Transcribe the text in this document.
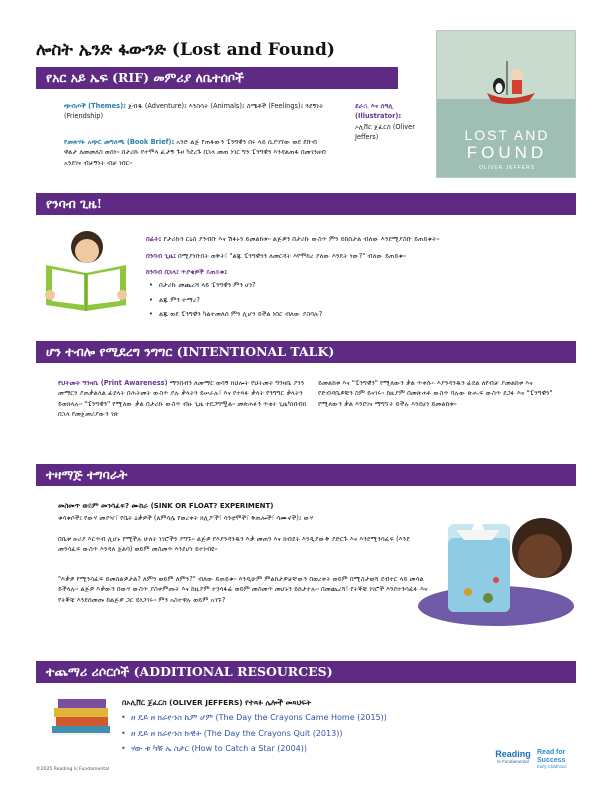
ሎስት ኤንድ ፋውንድ (Lost and Found)
የአር አይ ኤፍ (RIF) መምሪያ ለቤተሰቦች
LOST AND
FOUND
OLIVER JEFFERS
ጭብጦች (Themes)፤ ጀብዱ (Adventure)፤ እንስሳት (Animals)፤ ስሜቶች (Feelings)፤ ጓደኝነት (Friendship)
የመጽሃፉ አጭር መግለጫ (Book Brief)፤ አንድ ልጅ የጠፋውን ፔንግዊን በሩ ላይ ሲያገኘው ወደ ደቡብ ዋልታ ለመመለስ ወሰነ። በታሪኩ የተሞላ ፈታኝ ጉዞ ካደረጉ በኋላ መጠ ነገር ግን ፔንግዊን እንዳልጠፋ በመገንዘብ አንደገና ብቻኝነት ብቻ ነበር።
ደራሲ እና ሰዓሊ (Illustrator)፤
ኦሊቨር ጀፈርስ (Oliver Jeffers)
የንባብ ጊዜ!
በፊት፤ የታሪኩን ርዕስ ያንብቡ እና ሽፋኑን ይመልከቱ። ልጅዎን በታሪኩ ውስጥ ምን ይከሰታል ብለው እንደሚያስቡ ይጠይቁት።
በንባብ ጊዜ፤ በሚያነቡበት ወቅት፣ "ልጁ ፔንግዊንን ለመርዳት እየሞከረ ያለው እንዴት ነው?" ብለው ይጠይቁ።
ከንባብ በኋላ፤ ጥያቄዎች ይጠይቁ፤
• በታሪኩ መጨረሻ ላይ ፔንግዊን ምን ሆነ?
• ልጁ ምን ተማረ?
• ልጁ ወደ ፔንግዊን ካልተመለሰ ምን ሊሆን ይችል ነበር ብለው ያስባሉ?
ሆን ተብሎ የሚደረግ ንግግር (INTENTIONAL TALK)
የህትመት ግንዛቤ (Print Awareness) ማንበብን ለመማር ወሳኝ ክህሎት የህትመት ግንዛቤ ያንን መማርን ያጠቃልላል ፊደላት በሕትመት ውስጥ ያሉ ቃላትን ይሠራሉ፣ እና የተጻፉ ቃላት የንግግር ቃላትን ይወክላሉ። "ፔንግዊን" የሚለው ቃል በታሪኩ ውስጥ ብዙ ጊዜ ተደጋግሟል። መጽሐፉን ጥቂት ጊዜካነበብክ በኋላ የመጀመሪያውን ገጽ
ይመልከቱ እና "ፔንግዊን" የሚለውን ቃል ጥቀሱ። እያንዳንዱን ፊደል ለየብቻ ያመልከቱ እና የድብዳቤዎቹን ስም ይናገሩ። ከዚያም በመጽሐፉ ውስጥ ባሉው ጽሑፍ ውስጥ ደጋፉ እና "ፔንግዊን" የሚለውን ቃል እንደገና ማግኘት ይችሉ እንደሆነ ይመልከቱ።
ተዛማጅ ተግባራት
መስመጥ ወይም መንሳፈፍ? ሙከራ (SINK OR FLOAT? EXPERIMENT)
ቁሳቁሶች፤ የውሃ መያዣ፣ የቤት ዕቃዎች (ለምሳሌ የወረቀት ክሊፖች፣ ሳንቲሞች፣ ቅጠሎች፣ ሳሙኖች)፤ ውሃ
በቤቱ ዙሪያ እርጥብ ሊሆኑ የሚችሉ ሁለት ነገሮችን ያግኙ። ልጅዎ የእያንዳንዱን እቃ መጠን እና ክብደት እንዲያውቅ ያድርጉ እና እንደሚንሳፈፍ (እንደ መንሳፈፍ ውስጥ እንዳለ ጀልባ) ወይም መስመጥ እንደሆነ ይተነብዩ።
"እቃዎ የሚንሳፈፍ ይመስልዎታል? ለምን ወይም ለምን?" ብለው ይጠይቁ። እንዲሁም ምልከታዎቻቸውን በወረቀት ወይም በሚስታወሻ ደብተር ላይ መሳል ይችላሉ። ልጅዎ እቃውን በውሃ ውስጥ ያስቀምጡት እና ከዚያም ተንሳፋፊ ወይም መስመጥ መሆኑን ይከታተሉ። በመጨረሻ፣ የትኞቹ ነገሮች እንደተንሳፈፉ እና የትኞቹ እንደሰመጡ ከልጅዎ ጋር ይነጋገሩ። ምን አስተዋሉ ወይም አገኙ?
ተጨማሪ ሪሶርሶች (ADDITIONAL RESOURCES)
በኦሊቨር ጀፈርስ (OLIVER JEFFERS) የተጻፉ ሌሎች መጻህፍት
• ዘ ዴይ ዘ ክራዮንስ ኬም ሆም (The Day the Crayons Came Home (2015))
• ዘ ዴይ ዘ ክራዮንስ ኩዊት (The Day the Crayons Quit (2013))
• ሃው ቱ ካቹ ኤ ስታር (How to Catch a Star (2004))
Reading
Is Fundamental
Read for
Success
Early Childhood
©2025 Reading Is Fundamental
